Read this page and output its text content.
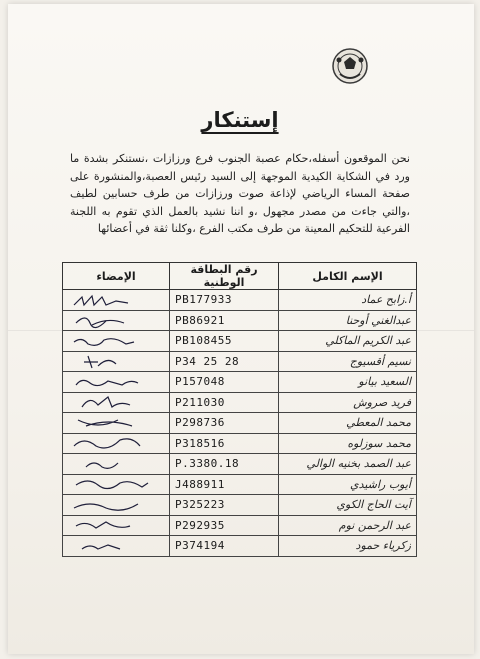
إستنكار
نحن الموقعون أسفله،حكام عصبة الجنوب فرع ورزازات ،نستنكر بشدة ما ورد في الشكاية الكيدية الموجهة إلى السيد رئيس العصبة،والمنشورة على صفحة المساء الرياضي لإذاعة صوت ورزازات من طرف حسابين لطيف ،والتي جاءت من مصدر مجهول ،و اننا نشيد بالعمل الذي تقوم به اللجنة الفرعية للتحكيم المعينة من طرف مكتب الفرع ،وكلنا ثقة في أعضائها
الإسم الكامل	رقم البطاقة الوطنية	الإمضاء
أ.زابح عماد	PB177933	

عبدالغني أوحنا	PB86921	

عبد الكريم الماكلي	PB108455	

نسيم أقسيوج	P34 25 28	

السعيد بيانو	P157048	

فريد صروش	P211030	

محمد المعطي	P298736	

محمد سوزلوه	P318516	

عبد الصمد بخنيه الوالي	P.3380.18	

أيوب راشيدي	J488911	

آيت الحاج الكوي	P325223	

عبد الرحمن نوم	P292935	

زكرياء حمود	P374194	
